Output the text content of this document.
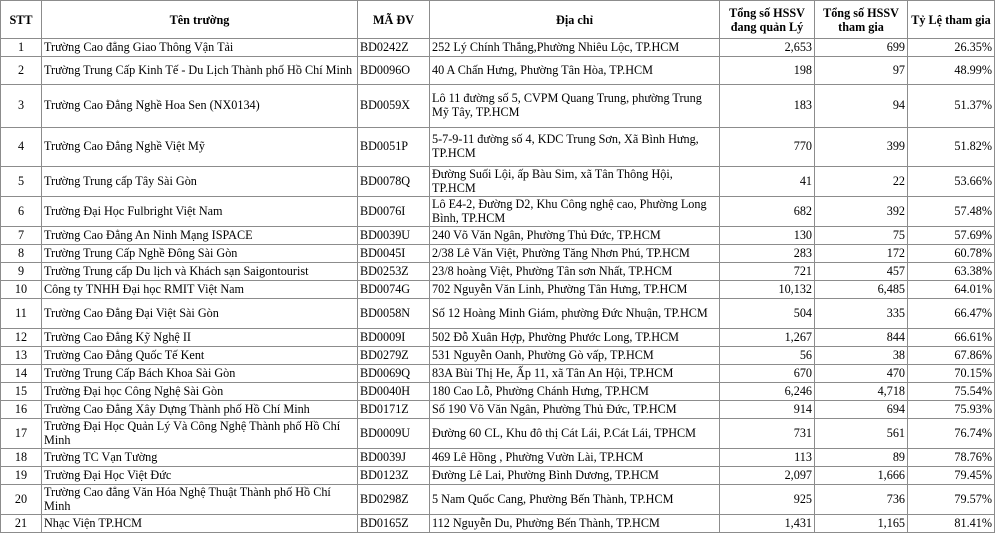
STT	Tên trường	MÃ ĐV	Địa chỉ	Tổng số HSSV đang quản Lý	Tổng số HSSV tham gia	Tỷ Lệ tham gia
1	Trường Cao đẳng Giao Thông Vận Tải	BD0242Z	252 Lý Chính Thắng,Phường Nhiêu Lộc, TP.HCM	2,653	699	26.35%
2	Trường Trung Cấp Kinh Tế - Du Lịch Thành phố Hồ Chí Minh	BD0096O	40 A Chấn Hưng, Phường Tân Hòa, TP.HCM	198	97	48.99%
3	Trường Cao Đẳng Nghề Hoa Sen (NX0134)	BD0059X	Lô 11 đường số 5, CVPM Quang Trung, phường Trung Mỹ Tây, TP.HCM	183	94	51.37%
4	Trường Cao Đẳng Nghề Việt Mỹ	BD0051P	5-7-9-11 đường số 4, KDC Trung Sơn, Xã Bình Hưng, TP.HCM	770	399	51.82%
5	Trường Trung cấp Tây Sài Gòn	BD0078Q	Đường Suối Lội, ấp Bàu Sim, xã Tân Thông Hội, TP.HCM	41	22	53.66%
6	Trường Đại Học Fulbright Việt Nam	BD0076I	Lô E4-2, Đường D2, Khu Công nghệ cao, Phường Long Bình, TP.HCM	682	392	57.48%
7	Trường Cao Đẳng An Ninh Mạng ISPACE	BD0039U	240 Võ Văn Ngân, Phường Thủ Đức, TP.HCM	130	75	57.69%
8	Trường Trung Cấp Nghề Đông Sài Gòn	BD0045I	2/38 Lê Văn Việt, Phường Tăng Nhơn Phú, TP.HCM	283	172	60.78%
9	Trường Trung cấp Du lịch và Khách sạn Saigontourist	BD0253Z	23/8 hoàng Việt, Phường Tân sơn Nhất, TP.HCM	721	457	63.38%
10	Công ty TNHH Đại học RMIT Việt Nam	BD0074G	702 Nguyễn Văn Linh, Phường Tân Hưng, TP.HCM	10,132	6,485	64.01%
11	Trường Cao Đẳng Đại Việt Sài Gòn	BD0058N	Số 12 Hoàng Minh Giám, phường Đức Nhuận, TP.HCM	504	335	66.47%
12	Trường Cao Đẳng Kỹ Nghệ II	BD0009I	502 Đỗ Xuân Hợp, Phường Phước Long, TP.HCM	1,267	844	66.61%
13	Trường Cao Đẳng Quốc Tế Kent	BD0279Z	531 Nguyễn Oanh, Phường Gò vấp, TP.HCM	56	38	67.86%
14	Trường Trung Cấp Bách Khoa Sài Gòn	BD0069Q	83A Bùi Thị He, Ấp 11, xã Tân An Hội, TP.HCM	670	470	70.15%
15	Trường Đại học Công Nghệ Sài Gòn	BD0040H	180 Cao Lỗ, Phường Chánh Hưng, TP.HCM	6,246	4,718	75.54%
16	Trường Cao Đẳng Xây Dựng Thành phố Hồ Chí Minh	BD0171Z	Số 190 Võ Văn Ngân, Phường Thủ Đức, TP.HCM	914	694	75.93%
17	Trường Đại Học Quản Lý Và Công Nghệ Thành phố Hồ Chí Minh	BD0009U	Đường 60 CL, Khu đô thị Cát Lái, P.Cát Lái, TPHCM	731	561	76.74%
18	Trường TC Vạn Tường	BD0039J	469 Lê Hồng , Phường Vườn Lài, TP.HCM	113	89	78.76%
19	Trường Đại Học Việt Đức	BD0123Z	Đường Lê Lai, Phường Bình Dương, TP.HCM	2,097	1,666	79.45%
20	Trường Cao đẳng Văn Hóa Nghệ Thuật Thành phố Hồ Chí Minh	BD0298Z	5 Nam Quốc Cang, Phường Bến Thành, TP.HCM	925	736	79.57%
21	Nhạc Viện TP.HCM	BD0165Z	112 Nguyễn Du, Phường Bến Thành, TP.HCM	1,431	1,165	81.41%
